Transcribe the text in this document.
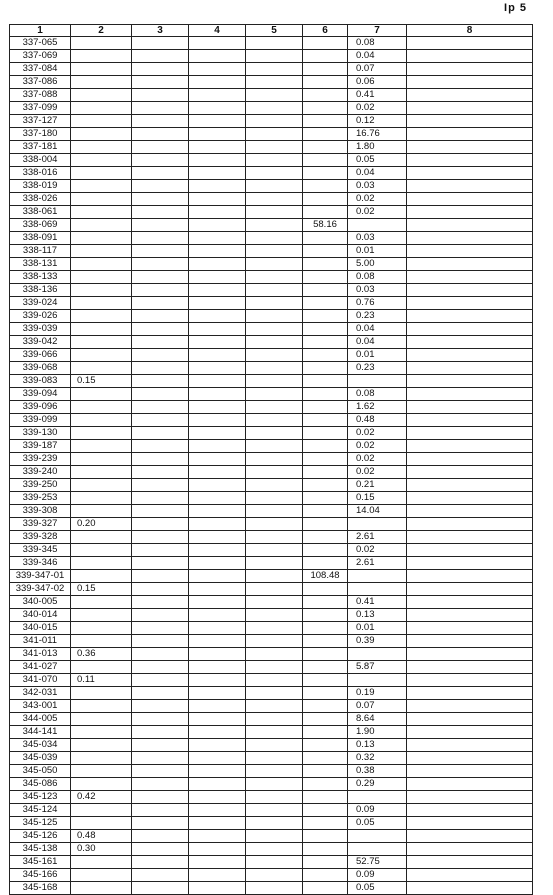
Iр 5
1	2	3	4	5	6	7	8
337-065						0.08	
337-069						0.04	
337-084						0.07	
337-086						0.06	
337-088						0.41	
337-099						0.02	
337-127						0.12	
337-180						16.76	
337-181						1.80	
338-004						0.05	
338-016						0.04	
338-019						0.03	
338-026						0.02	
338-061						0.02	
338-069					58.16		
338-091						0.03	
338-117						0.01	
338-131						5.00	
338-133						0.08	
338-136						0.03	
339-024						0.76	
339-026						0.23	
339-039						0.04	
339-042						0.04	
339-066						0.01	
339-068						0.23	
339-083	0.15						
339-094						0.08	
339-096						1.62	
339-099						0.48	
339-130						0.02	
339-187						0.02	
339-239						0.02	
339-240						0.02	
339-250						0.21	
339-253						0.15	
339-308						14.04	
339-327	0.20						
339-328						2.61	
339-345						0.02	
339-346						2.61	
339-347-01					108.48		
339-347-02	0.15						
340-005						0.41	
340-014						0.13	
340-015						0.01	
341-011						0.39	
341-013	0.36						
341-027						5.87	
341-070	0.11						
342-031						0.19	
343-001						0.07	
344-005						8.64	
344-141						1.90	
345-034						0.13	
345-039						0.32	
345-050						0.38	
345-086						0.29	
345-123	0.42						
345-124						0.09	
345-125						0.05	
345-126	0.48						
345-138	0.30						
345-161						52.75	
345-166						0.09	
345-168						0.05	
